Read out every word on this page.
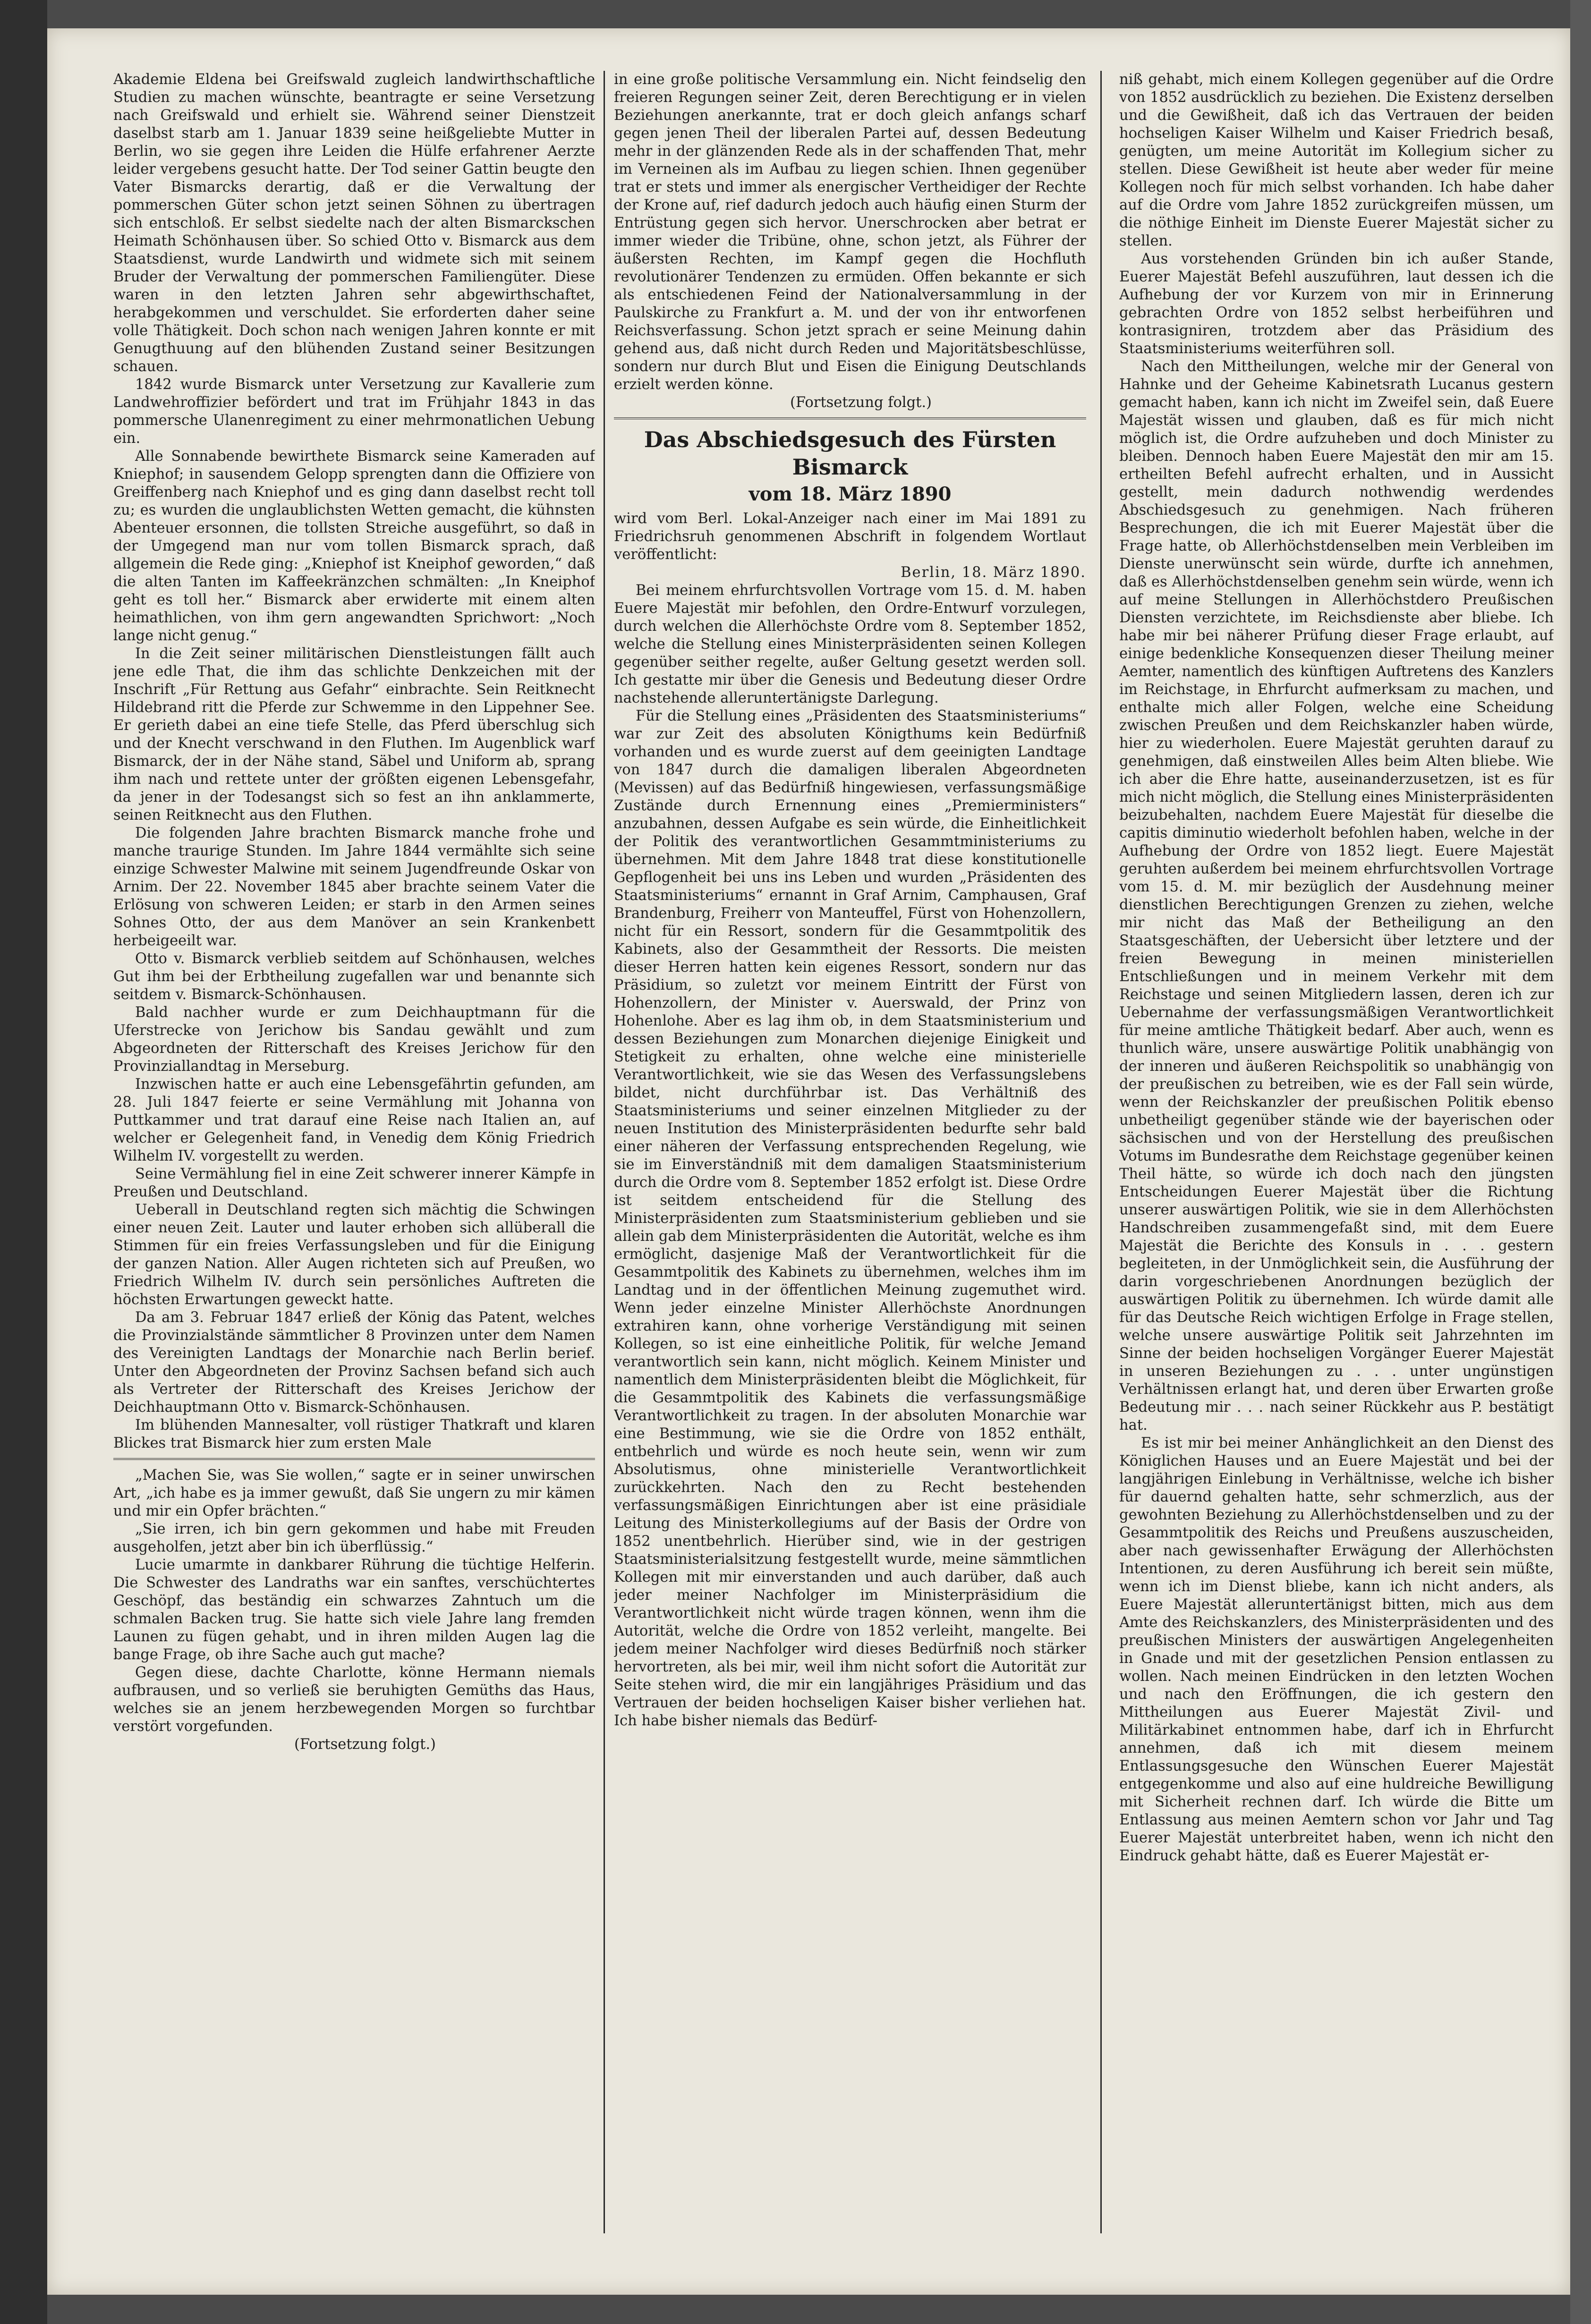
Akademie Eldena bei Greifswald zugleich landwirthschaftliche Studien zu machen wünschte, beantragte er seine Versetzung nach Greifswald und erhielt sie. Während seiner Dienstzeit daselbst starb am 1. Januar 1839 seine heißgeliebte Mutter in Berlin, wo sie gegen ihre Leiden die Hülfe erfahrener Aerzte leider vergebens gesucht hatte. Der Tod seiner Gattin beugte den Vater Bismarcks derartig, daß er die Verwaltung der pommerschen Güter schon jetzt seinen Söhnen zu übertragen sich entschloß. Er selbst siedelte nach der alten Bismarckschen Heimath Schönhausen über. So schied Otto v. Bismarck aus dem Staatsdienst, wurde Landwirth und widmete sich mit seinem Bruder der Verwaltung der pommerschen Familiengüter. Diese waren in den letzten Jahren sehr abgewirthschaftet, herabgekommen und verschuldet. Sie erforderten daher seine volle Thätigkeit. Doch schon nach wenigen Jahren konnte er mit Genugthuung auf den blühenden Zustand seiner Besitzungen schauen.

1842 wurde Bismarck unter Versetzung zur Kavallerie zum Landwehroffizier befördert und trat im Frühjahr 1843 in das pommersche Ulanenregiment zu einer mehrmonatlichen Uebung ein.

Alle Sonnabende bewirthete Bismarck seine Kameraden auf Kniephof; in sausendem Gelopp sprengten dann die Offiziere von Greiffenberg nach Kniephof und es ging dann daselbst recht toll zu; es wurden die unglaublichsten Wetten gemacht, die kühnsten Abenteuer ersonnen, die tollsten Streiche ausgeführt, so daß in der Umgegend man nur vom tollen Bismarck sprach, daß allgemein die Rede ging: „Kniephof ist Kneiphof geworden,“ daß die alten Tanten im Kaffeekränzchen schmälten: „In Kneiphof geht es toll her.“ Bismarck aber erwiderte mit einem alten heimathlichen, von ihm gern angewandten Sprichwort: „Noch lange nicht genug.“

In die Zeit seiner militärischen Dienstleistungen fällt auch jene edle That, die ihm das schlichte Denkzeichen mit der Inschrift „Für Rettung aus Gefahr“ einbrachte. Sein Reitknecht Hildebrand ritt die Pferde zur Schwemme in den Lippehner See. Er gerieth dabei an eine tiefe Stelle, das Pferd überschlug sich und der Knecht verschwand in den Fluthen. Im Augenblick warf Bismarck, der in der Nähe stand, Säbel und Uniform ab, sprang ihm nach und rettete unter der größten eigenen Lebensgefahr, da jener in der Todesangst sich so fest an ihn anklammerte, seinen Reitknecht aus den Fluthen.

Die folgenden Jahre brachten Bismarck manche frohe und manche traurige Stunden. Im Jahre 1844 vermählte sich seine einzige Schwester Malwine mit seinem Jugendfreunde Oskar von Arnim. Der 22. November 1845 aber brachte seinem Vater die Erlösung von schweren Leiden; er starb in den Armen seines Sohnes Otto, der aus dem Manöver an sein Krankenbett herbeigeeilt war.

Otto v. Bismarck verblieb seitdem auf Schönhausen, welches Gut ihm bei der Erbtheilung zugefallen war und benannte sich seitdem v. Bismarck-Schönhausen.

Bald nachher wurde er zum Deichhauptmann für die Uferstrecke von Jerichow bis Sandau gewählt und zum Abgeordneten der Ritterschaft des Kreises Jerichow für den Provinziallandtag in Merseburg.

Inzwischen hatte er auch eine Lebensgefährtin gefunden, am 28. Juli 1847 feierte er seine Vermählung mit Johanna von Puttkammer und trat darauf eine Reise nach Italien an, auf welcher er Gelegenheit fand, in Venedig dem König Friedrich Wilhelm IV. vorgestellt zu werden.

Seine Vermählung fiel in eine Zeit schwerer innerer Kämpfe in Preußen und Deutschland.

Ueberall in Deutschland regten sich mächtig die Schwingen einer neuen Zeit. Lauter und lauter erhoben sich allüberall die Stimmen für ein freies Verfassungsleben und für die Einigung der ganzen Nation. Aller Augen richteten sich auf Preußen, wo Friedrich Wilhelm IV. durch sein persönliches Auftreten die höchsten Erwartungen geweckt hatte.

Da am 3. Februar 1847 erließ der König das Patent, welches die Provinzialstände sämmtlicher 8 Provinzen unter dem Namen des Vereinigten Landtags der Monarchie nach Berlin berief. Unter den Abgeordneten der Provinz Sachsen befand sich auch als Vertreter der Ritterschaft des Kreises Jerichow der Deichhauptmann Otto v. Bismarck-Schönhausen.

Im blühenden Mannesalter, voll rüstiger Thatkraft und klaren Blickes trat Bismarck hier zum ersten Male

„Machen Sie, was Sie wollen,“ sagte er in seiner unwirschen Art, „ich habe es ja immer gewußt, daß Sie ungern zu mir kämen und mir ein Opfer brächten.“

„Sie irren, ich bin gern gekommen und habe mit Freuden ausgeholfen, jetzt aber bin ich überflüssig.“

Lucie umarmte in dankbarer Rührung die tüchtige Helferin. Die Schwester des Landraths war ein sanftes, verschüchtertes Geschöpf, das beständig ein schwarzes Zahntuch um die schmalen Backen trug. Sie hatte sich viele Jahre lang fremden Launen zu fügen gehabt, und in ihren milden Augen lag die bange Frage, ob ihre Sache auch gut mache?

Gegen diese, dachte Charlotte, könne Hermann niemals aufbrausen, und so verließ sie beruhigten Gemüths das Haus, welches sie an jenem herzbewegenden Morgen so furchtbar verstört vorgefunden.

(Fortsetzung folgt.)

in eine große politische Versammlung ein. Nicht feindselig den freieren Regungen seiner Zeit, deren Berechtigung er in vielen Beziehungen anerkannte, trat er doch gleich anfangs scharf gegen jenen Theil der liberalen Partei auf, dessen Bedeutung mehr in der glänzenden Rede als in der schaffenden That, mehr im Verneinen als im Aufbau zu liegen schien. Ihnen gegenüber trat er stets und immer als energischer Vertheidiger der Rechte der Krone auf, rief dadurch jedoch auch häufig einen Sturm der Entrüstung gegen sich hervor. Unerschrocken aber betrat er immer wieder die Tribüne, ohne, schon jetzt, als Führer der äußersten Rechten, im Kampf gegen die Hochfluth revolutionärer Tendenzen zu ermüden. Offen bekannte er sich als entschiedenen Feind der Nationalversammlung in der Paulskirche zu Frankfurt a. M. und der von ihr entworfenen Reichsverfassung. Schon jetzt sprach er seine Meinung dahin gehend aus, daß nicht durch Reden und Majoritätsbeschlüsse, sondern nur durch Blut und Eisen die Einigung Deutschlands erzielt werden könne.

(Fortsetzung folgt.)

Das Abschiedsgesuch des Fürsten Bismarck
vom 18. März 1890

wird vom Berl. Lokal-Anzeiger nach einer im Mai 1891 zu Friedrichsruh genommenen Abschrift in folgendem Wortlaut veröffentlicht:

Berlin, 18. März 1890.

Bei meinem ehrfurchtsvollen Vortrage vom 15. d. M. haben Euere Majestät mir befohlen, den Ordre-Entwurf vorzulegen, durch welchen die Allerhöchste Ordre vom 8. September 1852, welche die Stellung eines Ministerpräsidenten seinen Kollegen gegenüber seither regelte, außer Geltung gesetzt werden soll. Ich gestatte mir über die Genesis und Bedeutung dieser Ordre nachstehende alleruntertänigste Darlegung.

Für die Stellung eines „Präsidenten des Staatsministeriums“ war zur Zeit des absoluten Königthums kein Bedürfniß vorhanden und es wurde zuerst auf dem geeinigten Landtage von 1847 durch die damaligen liberalen Abgeordneten (Mevissen) auf das Bedürfniß hingewiesen, verfassungsmäßige Zustände durch Ernennung eines „Premierministers“ anzubahnen, dessen Aufgabe es sein würde, die Einheitlichkeit der Politik des verantwortlichen Gesammtministeriums zu übernehmen. Mit dem Jahre 1848 trat diese konstitutionelle Gepflogenheit bei uns ins Leben und wurden „Präsidenten des Staatsministeriums“ ernannt in Graf Arnim, Camphausen, Graf Brandenburg, Freiherr von Manteuffel, Fürst von Hohenzollern, nicht für ein Ressort, sondern für die Gesammtpolitik des Kabinets, also der Gesammtheit der Ressorts. Die meisten dieser Herren hatten kein eigenes Ressort, sondern nur das Präsidium, so zuletzt vor meinem Eintritt der Fürst von Hohenzollern, der Minister v. Auerswald, der Prinz von Hohenlohe. Aber es lag ihm ob, in dem Staatsministerium und dessen Beziehungen zum Monarchen diejenige Einigkeit und Stetigkeit zu erhalten, ohne welche eine ministerielle Verantwortlichkeit, wie sie das Wesen des Verfassungslebens bildet, nicht durchführbar ist. Das Verhältniß des Staatsministeriums und seiner einzelnen Mitglieder zu der neuen Institution des Ministerpräsidenten bedurfte sehr bald einer näheren der Verfassung entsprechenden Regelung, wie sie im Einverständniß mit dem damaligen Staatsministerium durch die Ordre vom 8. September 1852 erfolgt ist. Diese Ordre ist seitdem entscheidend für die Stellung des Ministerpräsidenten zum Staatsministerium geblieben und sie allein gab dem Ministerpräsidenten die Autorität, welche es ihm ermöglicht, dasjenige Maß der Verantwortlichkeit für die Gesammtpolitik des Kabinets zu übernehmen, welches ihm im Landtag und in der öffentlichen Meinung zugemuthet wird. Wenn jeder einzelne Minister Allerhöchste Anordnungen extrahiren kann, ohne vorherige Verständigung mit seinen Kollegen, so ist eine einheitliche Politik, für welche Jemand verantwortlich sein kann, nicht möglich. Keinem Minister und namentlich dem Ministerpräsidenten bleibt die Möglichkeit, für die Gesammtpolitik des Kabinets die verfassungsmäßige Verantwortlichkeit zu tragen. In der absoluten Monarchie war eine Bestimmung, wie sie die Ordre von 1852 enthält, entbehrlich und würde es noch heute sein, wenn wir zum Absolutismus, ohne ministerielle Verantwortlichkeit zurückkehrten. Nach den zu Recht bestehenden verfassungsmäßigen Einrichtungen aber ist eine präsidiale Leitung des Ministerkollegiums auf der Basis der Ordre von 1852 unentbehrlich. Hierüber sind, wie in der gestrigen Staatsministerialsitzung festgestellt wurde, meine sämmtlichen Kollegen mit mir einverstanden und auch darüber, daß auch jeder meiner Nachfolger im Ministerpräsidium die Verantwortlichkeit nicht würde tragen können, wenn ihm die Autorität, welche die Ordre von 1852 verleiht, mangelte. Bei jedem meiner Nachfolger wird dieses Bedürfniß noch stärker hervortreten, als bei mir, weil ihm nicht sofort die Autorität zur Seite stehen wird, die mir ein langjähriges Präsidium und das Vertrauen der beiden hochseligen Kaiser bisher verliehen hat. Ich habe bisher niemals das Bedürf-

niß gehabt, mich einem Kollegen gegenüber auf die Ordre von 1852 ausdrücklich zu beziehen. Die Existenz derselben und die Gewißheit, daß ich das Vertrauen der beiden hochseligen Kaiser Wilhelm und Kaiser Friedrich besaß, genügten, um meine Autorität im Kollegium sicher zu stellen. Diese Gewißheit ist heute aber weder für meine Kollegen noch für mich selbst vorhanden. Ich habe daher auf die Ordre vom Jahre 1852 zurückgreifen müssen, um die nöthige Einheit im Dienste Euerer Majestät sicher zu stellen.

Aus vorstehenden Gründen bin ich außer Stande, Euerer Majestät Befehl auszuführen, laut dessen ich die Aufhebung der vor Kurzem von mir in Erinnerung gebrachten Ordre von 1852 selbst herbeiführen und kontrasigniren, trotzdem aber das Präsidium des Staatsministeriums weiterführen soll.

Nach den Mittheilungen, welche mir der General von Hahnke und der Geheime Kabinetsrath Lucanus gestern gemacht haben, kann ich nicht im Zweifel sein, daß Euere Majestät wissen und glauben, daß es für mich nicht möglich ist, die Ordre aufzuheben und doch Minister zu bleiben. Dennoch haben Euere Majestät den mir am 15. ertheilten Befehl aufrecht erhalten, und in Aussicht gestellt, mein dadurch nothwendig werdendes Abschiedsgesuch zu genehmigen. Nach früheren Besprechungen, die ich mit Euerer Majestät über die Frage hatte, ob Allerhöchstdenselben mein Verbleiben im Dienste unerwünscht sein würde, durfte ich annehmen, daß es Allerhöchstdenselben genehm sein würde, wenn ich auf meine Stellungen in Allerhöchstdero Preußischen Diensten verzichtete, im Reichsdienste aber bliebe. Ich habe mir bei näherer Prüfung dieser Frage erlaubt, auf einige bedenkliche Konsequenzen dieser Theilung meiner Aemter, namentlich des künftigen Auftretens des Kanzlers im Reichstage, in Ehrfurcht aufmerksam zu machen, und enthalte mich aller Folgen, welche eine Scheidung zwischen Preußen und dem Reichskanzler haben würde, hier zu wiederholen. Euere Majestät geruhten darauf zu genehmigen, daß einstweilen Alles beim Alten bliebe. Wie ich aber die Ehre hatte, auseinanderzusetzen, ist es für mich nicht möglich, die Stellung eines Ministerpräsidenten beizubehalten, nachdem Euere Majestät für dieselbe die capitis diminutio wiederholt befohlen haben, welche in der Aufhebung der Ordre von 1852 liegt. Euere Majestät geruhten außerdem bei meinem ehrfurchtsvollen Vortrage vom 15. d. M. mir bezüglich der Ausdehnung meiner dienstlichen Berechtigungen Grenzen zu ziehen, welche mir nicht das Maß der Betheiligung an den Staatsgeschäften, der Uebersicht über letztere und der freien Bewegung in meinen ministeriellen Entschließungen und in meinem Verkehr mit dem Reichstage und seinen Mitgliedern lassen, deren ich zur Uebernahme der verfassungsmäßigen Verantwortlichkeit für meine amtliche Thätigkeit bedarf. Aber auch, wenn es thunlich wäre, unsere auswärtige Politik unabhängig von der inneren und äußeren Reichspolitik so unabhängig von der preußischen zu betreiben, wie es der Fall sein würde, wenn der Reichskanzler der preußischen Politik ebenso unbetheiligt gegenüber stände wie der bayerischen oder sächsischen und von der Herstellung des preußischen Votums im Bundesrathe dem Reichstage gegenüber keinen Theil hätte, so würde ich doch nach den jüngsten Entscheidungen Euerer Majestät über die Richtung unserer auswärtigen Politik, wie sie in dem Allerhöchsten Handschreiben zusammengefaßt sind, mit dem Euere Majestät die Berichte des Konsuls in . . . gestern begleiteten, in der Unmöglichkeit sein, die Ausführung der darin vorgeschriebenen Anordnungen bezüglich der auswärtigen Politik zu übernehmen. Ich würde damit alle für das Deutsche Reich wichtigen Erfolge in Frage stellen, welche unsere auswärtige Politik seit Jahrzehnten im Sinne der beiden hochseligen Vorgänger Euerer Majestät in unseren Beziehungen zu . . . unter ungünstigen Verhältnissen erlangt hat, und deren über Erwarten große Bedeutung mir . . . nach seiner Rückkehr aus P. bestätigt hat.

Es ist mir bei meiner Anhänglichkeit an den Dienst des Königlichen Hauses und an Euere Majestät und bei der langjährigen Einlebung in Verhältnisse, welche ich bisher für dauernd gehalten hatte, sehr schmerzlich, aus der gewohnten Beziehung zu Allerhöchstdenselben und zu der Gesammtpolitik des Reichs und Preußens auszuscheiden, aber nach gewissenhafter Erwägung der Allerhöchsten Intentionen, zu deren Ausführung ich bereit sein müßte, wenn ich im Dienst bliebe, kann ich nicht anders, als Euere Majestät alleruntertänigst bitten, mich aus dem Amte des Reichskanzlers, des Ministerpräsidenten und des preußischen Ministers der auswärtigen Angelegenheiten in Gnade und mit der gesetzlichen Pension entlassen zu wollen. Nach meinen Eindrücken in den letzten Wochen und nach den Eröffnungen, die ich gestern den Mittheilungen aus Euerer Majestät Zivil- und Militärkabinet entnommen habe, darf ich in Ehrfurcht annehmen, daß ich mit diesem meinem Entlassungsgesuche den Wünschen Euerer Majestät entgegenkomme und also auf eine huldreiche Bewilligung mit Sicherheit rechnen darf. Ich würde die Bitte um Entlassung aus meinen Aemtern schon vor Jahr und Tag Euerer Majestät unterbreitet haben, wenn ich nicht den Eindruck gehabt hätte, daß es Euerer Majestät er-
